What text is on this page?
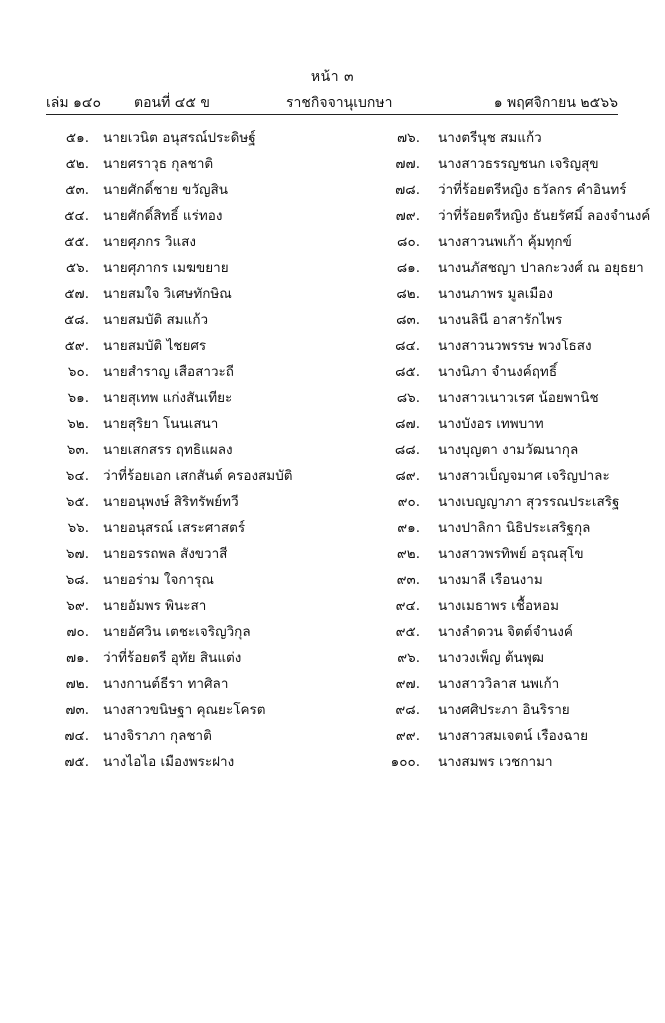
หน้า ๓
เล่ม ๑๔๐ ตอนที่ ๔๕ ข	ราชกิจจานุเบกษา	๑ พฤศจิกายน ๒๕๖๖
๕๑. นายเวนิต อนุสรณ์ประดิษฐ์
๕๒. นายศราวุธ กุลชาติ
๕๓. นายศักดิ์ชาย ขวัญสิน
๕๔. นายศักดิ์สิทธิ์ แร่ทอง
๕๕. นายศุภกร วิแสง
๕๖. นายศุภากร เมฆขยาย
๕๗. นายสมใจ วิเศษทักษิณ
๕๘. นายสมบัติ สมแก้ว
๕๙. นายสมบัติ ไชยศร
๖๐. นายสำราญ เสือสาวะถี
๖๑. นายสุเทพ แก่งสันเทียะ
๖๒. นายสุริยา โนนเสนา
๖๓. นายเสกสรร ฤทธิแผลง
๖๔. ว่าที่ร้อยเอก เสกสันต์ ครองสมบัติ
๖๕. นายอนุพงษ์ สิริทรัพย์ทวี
๖๖. นายอนุสรณ์ เสระศาสตร์
๖๗. นายอรรถพล สังขวาสี
๖๘. นายอร่าม ใจการุณ
๖๙. นายอัมพร พินะสา
๗๐. นายอัศวิน เตชะเจริญวิกุล
๗๑. ว่าที่ร้อยตรี อุทัย สินแต่ง
๗๒. นางกานต์ธีรา ทาศิลา
๗๓. นางสาวขนิษฐา คุณยะโครต
๗๔. นางจิราภา กุลชาติ
๗๕. นางไอไอ เมืองพระฝาง
๗๖. นางตรีนุช สมแก้ว
๗๗. นางสาวธรรญชนก เจริญสุข
๗๘. ว่าที่ร้อยตรีหญิง ธวัลกร คำอินทร์
๗๙. ว่าที่ร้อยตรีหญิง ธันยรัศมิ์ ลองจำนงค์
๘๐. นางสาวนพเก้า คุ้มทุกข์
๘๑. นางนภัสชญา ปาลกะวงศ์ ณ อยุธยา
๘๒. นางนภาพร มูลเมือง
๘๓. นางนลินี อาสารักไพร
๘๔. นางสาวนวพรรษ พวงโธสง
๘๕. นางนิภา จำนงค์ฤทธิ์
๘๖. นางสาวเนาวเรศ น้อยพานิช
๘๗. นางบังอร เทพบาท
๘๘. นางบุญตา งามวัฒนากุล
๘๙. นางสาวเบ็ญจมาศ เจริญปาละ
๙๐. นางเบญญาภา สุวรรณประเสริฐ
๙๑. นางปาลิกา นิธิประเสริฐกุล
๙๒. นางสาวพรทิพย์ อรุณสุโข
๙๓. นางมาลี เรือนงาม
๙๔. นางเมธาพร เชื้อหอม
๙๕. นางลำดวน จิตต์จำนงค์
๙๖. นางวงเพ็ญ ต้นพุฒ
๙๗. นางสาววิลาส นพเก้า
๙๘. นางศศิประภา อินริราย
๙๙. นางสาวสมเจตน์ เรืองฉาย
๑๐๐. นางสมพร เวชกามา
